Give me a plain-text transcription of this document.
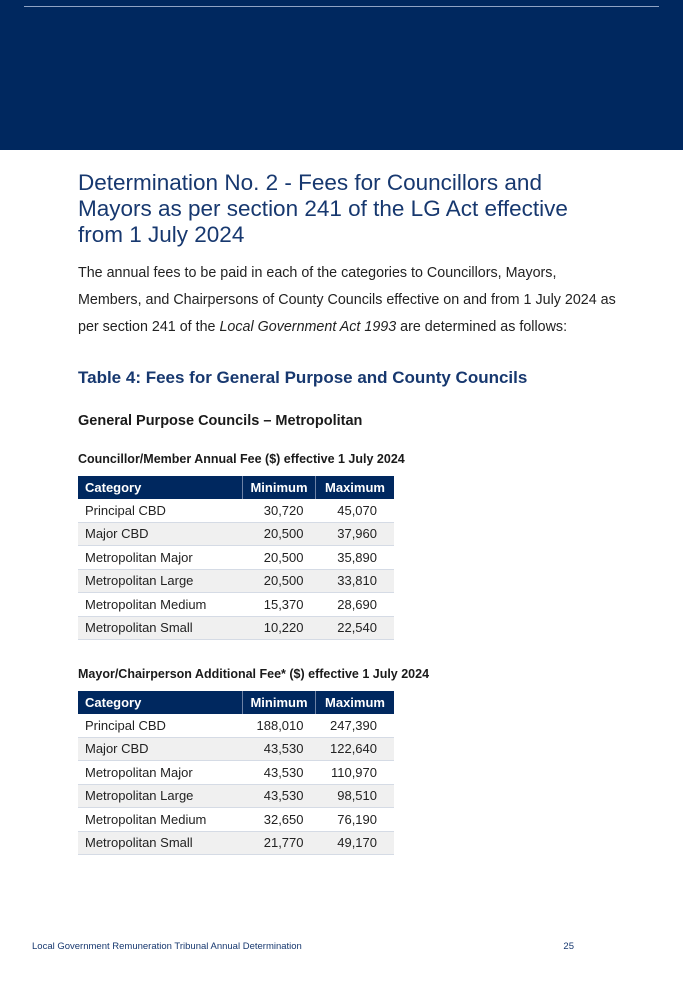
Determination No. 2 - Fees for Councillors and Mayors as per section 241 of the LG Act effective from 1 July 2024

The annual fees to be paid in each of the categories to Councillors, Mayors, Members, and Chairpersons of County Councils effective on and from 1 July 2024 as per section 241 of the Local Government Act 1993 are determined as follows:

Table 4: Fees for General Purpose and County Councils
General Purpose Councils – Metropolitan
Councillor/Member Annual Fee ($) effective 1 July 2024
Category	Minimum	Maximum
Principal CBD	30,720	45,070
Major CBD	20,500	37,960
Metropolitan Major	20,500	35,890
Metropolitan Large	20,500	33,810
Metropolitan Medium	15,370	28,690
Metropolitan Small	10,220	22,540
Mayor/Chairperson Additional Fee* ($) effective 1 July 2024
Category	Minimum	Maximum
Principal CBD	188,010	247,390
Major CBD	43,530	122,640
Metropolitan Major	43,530	110,970
Metropolitan Large	43,530	98,510
Metropolitan Medium	32,650	76,190
Metropolitan Small	21,770	49,170
Local Government Remuneration Tribunal Annual Determination	25
